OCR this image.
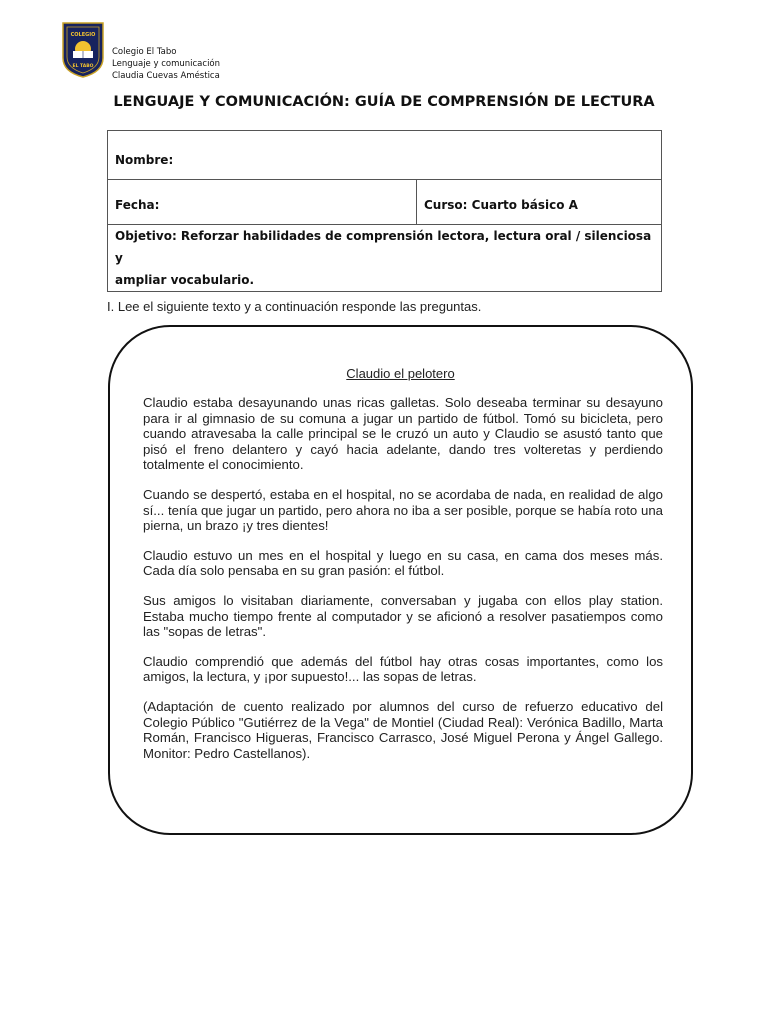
COLEGIO
EL TABO
Colegio El Tabo
Lenguaje y comunicación
Claudia Cuevas Améstica
LENGUAJE Y COMUNICACIÓN: GUÍA DE COMPRENSIÓN DE LECTURA
Nombre:
Fecha:	Curso: Cuarto básico A

Objetivo: Reforzar habilidades de comprensión lectora, lectura oral / silenciosa y
ampliar vocabulario.
I. Lee el siguiente texto y a continuación responde las preguntas.
Claudio el pelotero

Claudio estaba desayunando unas ricas galletas. Solo deseaba terminar su desayuno para ir al gimnasio de su comuna a jugar un partido de fútbol. Tomó su bicicleta, pero cuando atravesaba la calle principal se le cruzó un auto y Claudio se asustó tanto que pisó el freno delantero y cayó hacia adelante, dando tres volteretas y perdiendo totalmente el conocimiento.

Cuando se despertó, estaba en el hospital, no se acordaba de nada, en realidad de algo sí... tenía que jugar un partido, pero ahora no iba a ser posible, porque se había roto una pierna, un brazo ¡y tres dientes!

Claudio estuvo un mes en el hospital y luego en su casa, en cama dos meses más. Cada día solo pensaba en su gran pasión: el fútbol.

Sus amigos lo visitaban diariamente, conversaban y jugaba con ellos play station. Estaba mucho tiempo frente al computador y se aficionó a resolver pasatiempos como las "sopas de letras".

Claudio comprendió que además del fútbol hay otras cosas importantes, como los amigos, la lectura, y ¡por supuesto!... las sopas de letras.

(Adaptación de cuento realizado por alumnos del curso de refuerzo educativo del Colegio Público "Gutiérrez de la Vega" de Montiel (Ciudad Real): Verónica Badillo, Marta Román, Francisco Higueras, Francisco Carrasco, José Miguel Perona y Ángel Gallego. Monitor: Pedro Castellanos).
